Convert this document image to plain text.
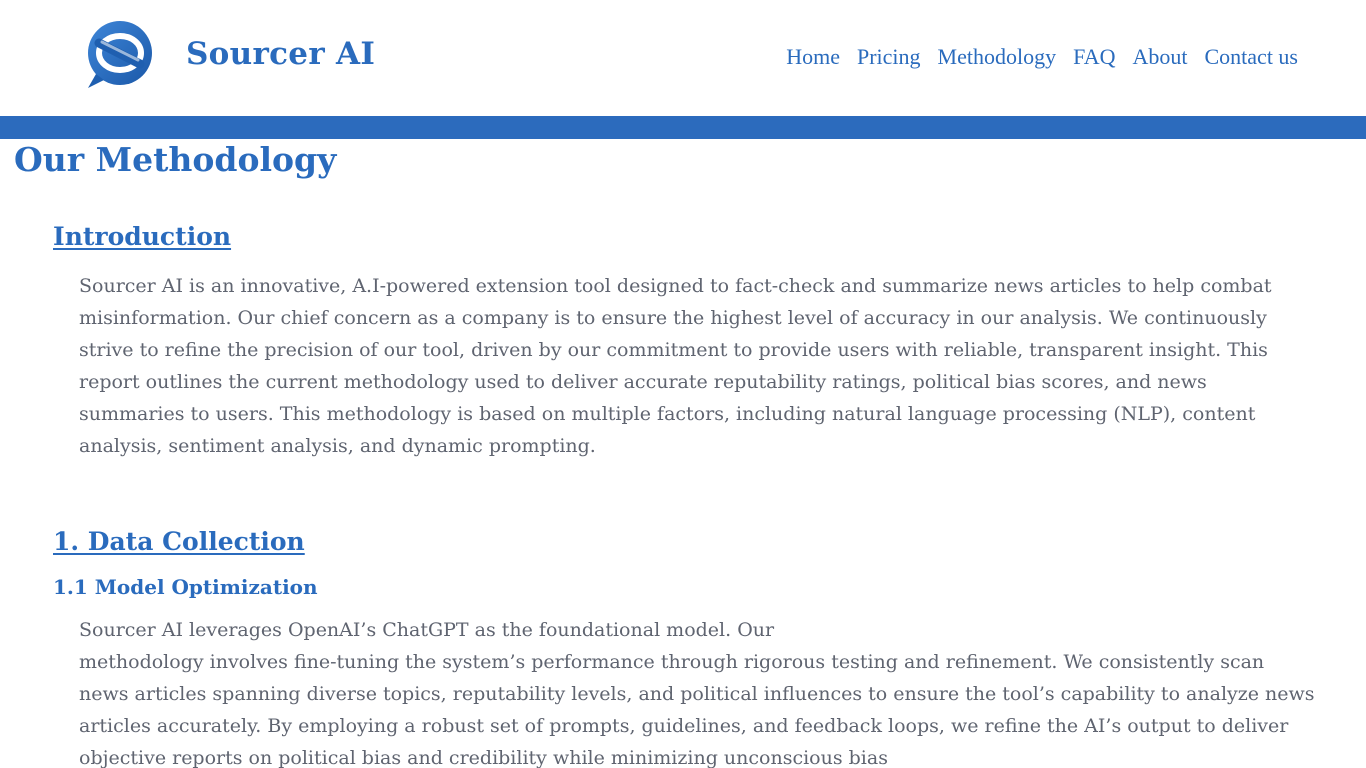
Sourcer AI	Home Pricing Methodology FAQ About Contact us
Our Methodology
Introduction

Sourcer AI is an innovative, A.I-powered extension tool designed to fact-check and summarize news articles to help combat
misinformation. Our chief concern as a company is to ensure the highest level of accuracy in our analysis. We continuously
strive to refine the precision of our tool, driven by our commitment to provide users with reliable, transparent insight. This
report outlines the current methodology used to deliver accurate reputability ratings, political bias scores, and news
summaries to users. This methodology is based on multiple factors, including natural language processing (NLP), content
analysis, sentiment analysis, and dynamic prompting.

1. Data Collection
1.1 Model Optimization

Sourcer AI leverages OpenAI’s ChatGPT as the foundational model. Our
methodology involves fine-tuning the system’s performance through rigorous testing and refinement. We consistently scan
news articles spanning diverse topics, reputability levels, and political influences to ensure the tool’s capability to analyze news
articles accurately. By employing a robust set of prompts, guidelines, and feedback loops, we refine the AI’s output to deliver
objective reports on political bias and credibility while minimizing unconscious bias
